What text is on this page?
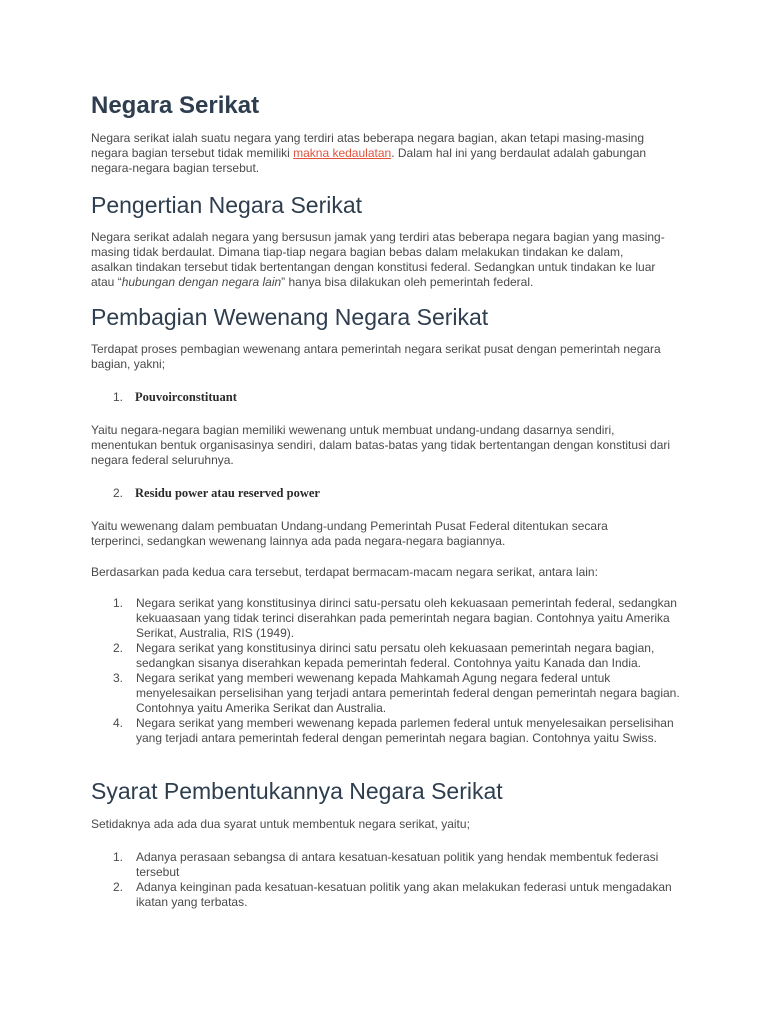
Negara Serikat

Negara serikat ialah suatu negara yang terdiri atas beberapa negara bagian, akan tetapi masing-masing negara bagian tersebut tidak memiliki makna kedaulatan. Dalam hal ini yang berdaulat adalah gabungan negara-negara bagian tersebut.

Pengertian Negara Serikat

Negara serikat adalah negara yang bersusun jamak yang terdiri atas beberapa negara bagian yang masing-masing tidak berdaulat. Dimana tiap-tiap negara bagian bebas dalam melakukan tindakan ke dalam, asalkan tindakan tersebut tidak bertentangan dengan konstitusi federal. Sedangkan untuk tindakan ke luar atau “hubungan dengan negara lain” hanya bisa dilakukan oleh pemerintah federal.

Pembagian Wewenang Negara Serikat

Terdapat proses pembagian wewenang antara pemerintah negara serikat pusat dengan pemerintah negara bagian, yakni;

1. Pouvoirconstituant

Yaitu negara-negara bagian memiliki wewenang untuk membuat undang-undang dasarnya sendiri, menentukan bentuk organisasinya sendiri, dalam batas-batas yang tidak bertentangan dengan konstitusi dari negara federal seluruhnya.

2. Residu power atau reserved power

Yaitu wewenang dalam pembuatan Undang-undang Pemerintah Pusat Federal ditentukan secara terperinci, sedangkan wewenang lainnya ada pada negara-negara bagiannya.

Berdasarkan pada kedua cara tersebut, terdapat bermacam-macam negara serikat, antara lain:

1. Negara serikat yang konstitusinya dirinci satu-persatu oleh kekuasaan pemerintah federal, sedangkan kekuaasaan yang tidak terinci diserahkan pada pemerintah negara bagian. Contohnya yaitu Amerika Serikat, Australia, RIS (1949).
2. Negara serikat yang konstitusinya dirinci satu persatu oleh kekuasaan pemerintah negara bagian, sedangkan sisanya diserahkan kepada pemerintah federal. Contohnya yaitu Kanada dan India.
3. Negara serikat yang memberi wewenang kepada Mahkamah Agung negara federal untuk menyelesaikan perselisihan yang terjadi antara pemerintah federal dengan pemerintah negara bagian. Contohnya yaitu Amerika Serikat dan Australia.
4. Negara serikat yang memberi wewenang kepada parlemen federal untuk menyelesaikan perselisihan yang terjadi antara pemerintah federal dengan pemerintah negara bagian. Contohnya yaitu Swiss.
Syarat Pembentukannya Negara Serikat

Setidaknya ada ada dua syarat untuk membentuk negara serikat, yaitu;

1. Adanya perasaan sebangsa di antara kesatuan-kesatuan politik yang hendak membentuk federasi tersebut
2. Adanya keinginan pada kesatuan-kesatuan politik yang akan melakukan federasi untuk mengadakan ikatan yang terbatas.
